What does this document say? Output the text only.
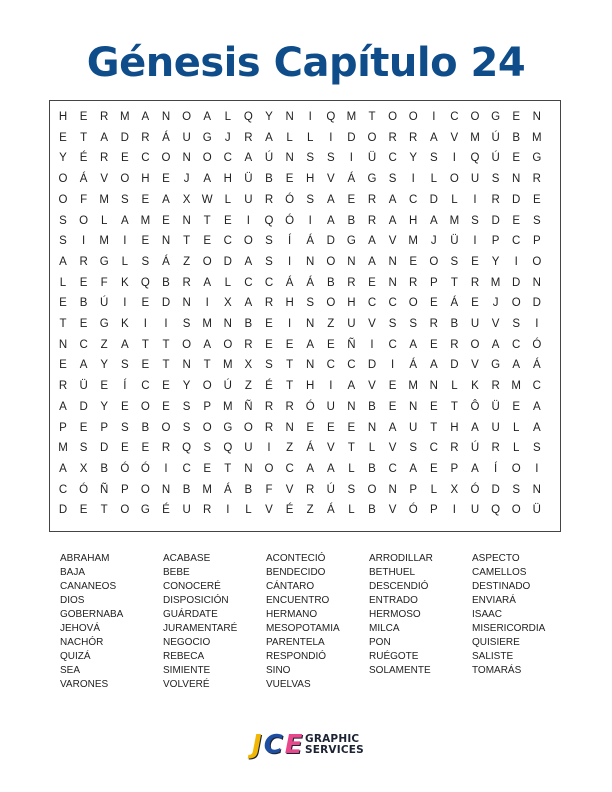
Génesis Capítulo 24
H	E	R	M	A	N	O	A	L	Q	Y	N	I	Q M	T	O	O	I	C	O	G	E	N
E	T	A	D	R	Á	U	G	J	R	A	L	L	I	D	O	R	R	A	V	M	Ú	B	M
Y	É	R	E	C	O	N	O	C	A	Ú	N	S	S	I	Ü	C	Y	S	I	Q	Ú	E	G
O	Á	V	O	H	E	J	A	H	Ü	B	E	H	V	Á	G	S	I	L	O	U	S	N	R
O	F	M	S	E	A	X W	L	U	R	Ó	S	A	E	R	A	C	D	L	I	R	D	E
S	O	L	A	M	E	N	T	E	I	Q	Ó	I	A	B	R	A	H	A	M	S	D	E	S
S	I	M	I	E	N	T	E	C	O	S	Í	Á	D	G	A	V	M	J	Ü	I	P	C	P
A	R	G	L	S	Á	Z	O	D	A	S	I	N	O	N	A	N	E	O	S	E	Y	I	O
L	E	F	K	Q	B	R	A	L	C	C	Á	Á	B	R	E	N	R	P	T	R	M	D	N
E	B	Ú	I	E	D	N	I	X	A	R	H	S	O	H	C	C	O	E	Á	E	J	O	D
T	E	G	K	I	I	S	M	N	B	E	I	N	Z	U	V	S	S	R	B	U	V	S	I
N	C	Z	A	T	T	O	A	O	R	E	E	A	E	Ñ	I	C	A	E	R	O	A	C	Ó
E	A	Y	S	E	T	N	T	M	X	S	T	N	C	C	D	I	Á	A	D	V	G	A	Á
R	Ü	E	Í	C	E	Y	O	Ú	Z	É	T	H	I	A	V	E	M	N	L	K	R	M	C
A	D	Y	E	O	E	S	P	M	Ñ	R	R	Ó	U	N	B	E	N	E	T	Ô	Ü	E	A
P	E	P	S	B	O	S	O	G	O	R	N	E	E	E	N	A	U	T	H	A	U	L	A
M	S	D	E	E	R	Q	S	Q	U	I	Z	Á	V	T	L	V	S	C	R	Ú	R	L	S
A	X	B	Ó	Ó	I	C	E	T	N	O	C	A	A	L	B	C	A	E	P	A	Í	O	I
C	Ó	Ñ	P	O	N	B	M	Á	B	F	V	R	Ú	S	O	N	P	L	X	Ó	D	S	N
D	E	T	O	G	É	U	R	I	L	V	É	Z	Á	L	B	V	Ó	P	I	U	Q	O	Ü
ABRAHAM
BAJA
CANANEOS
DIOS
GOBERNABA
JEHOVÁ
NACHÓR
QUIZÁ
SEA
VARONES
ACABASE
BEBE
CONOCERÉ
DISPOSICIÓN
GUÁRDATE
JURAMENTARÉ
NEGOCIO
REBECA
SIMIENTE
VOLVERÉ
ACONTECIÓ
BENDECIDO
CÁNTARO
ENCUENTRO
HERMANO
MESOPOTAMIA
PARENTELA
RESPONDIÓ
SINO
VUELVAS
ARRODILLAR
BETHUEL
DESCENDIÓ
ENTRADO
HERMOSO
MILCA
PON
RUÉGOTE
SOLAMENTE
ASPECTO
CAMELLOS
DESTINADO
ENVIARÁ
ISAAC
MISERICORDIA
QUISIERE
SALISTE
TOMARÁS
J C E GRAPHIC
SERVICES
